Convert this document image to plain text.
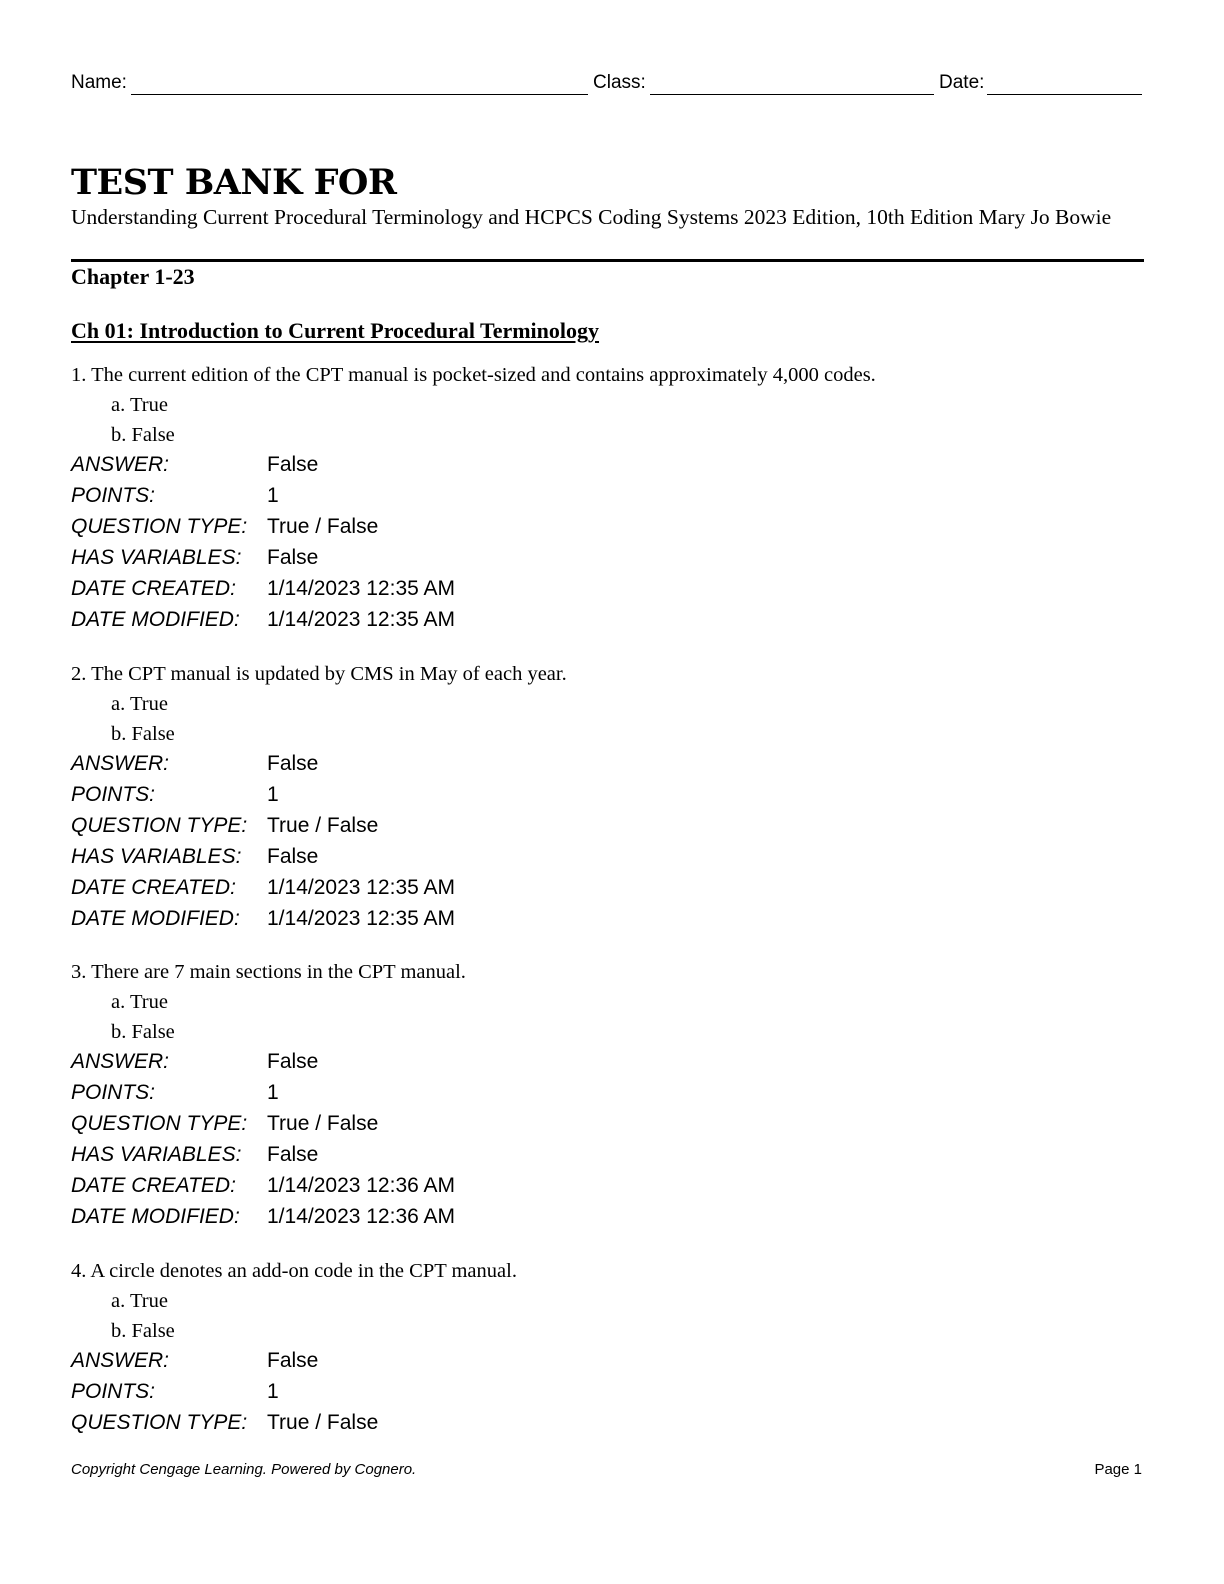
Name:	Class:	Date:
TEST BANK FOR
Understanding Current Procedural Terminology and HCPCS Coding Systems 2023 Edition, 10th Edition Mary Jo Bowie
Chapter 1-23
Ch 01: Introduction to Current Procedural Terminology
1. The current edition of the CPT manual is pocket-sized and contains approximately 4,000 codes.
a. True
b. False
ANSWER:	False
POINTS:	1
QUESTION TYPE: True / False
HAS VARIABLES: False
DATE CREATED: 1/14/2023 12:35 AM
DATE MODIFIED: 1/14/2023 12:35 AM
2. The CPT manual is updated by CMS in May of each year.
a. True
b. False
ANSWER:	False
POINTS:	1
QUESTION TYPE: True / False
HAS VARIABLES: False
DATE CREATED: 1/14/2023 12:35 AM
DATE MODIFIED: 1/14/2023 12:35 AM
3. There are 7 main sections in the CPT manual.
a. True
b. False
ANSWER:	False
POINTS:	1
QUESTION TYPE: True / False
HAS VARIABLES: False
DATE CREATED: 1/14/2023 12:36 AM
DATE MODIFIED: 1/14/2023 12:36 AM
4. A circle denotes an add-on code in the CPT manual.
a. True
b. False
ANSWER:	False
POINTS:	1
QUESTION TYPE: True / False
Copyright Cengage Learning. Powered by Cognero.	Page 1
